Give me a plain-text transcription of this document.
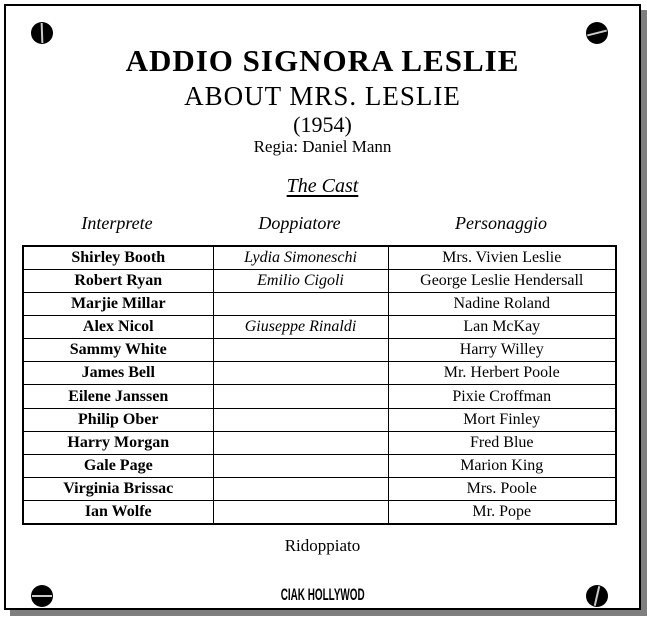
ADDIO SIGNORA LESLIE
ABOUT MRS. LESLIE
(1954)
Regia: Daniel Mann
The Cast
Interprete	Doppiatore	Personaggio
Shirley Booth	Lydia Simoneschi	Mrs. Vivien Leslie
Robert Ryan	Emilio Cigoli	George Leslie Hendersall
Marjie Millar		Nadine Roland
Alex Nicol	Giuseppe Rinaldi	Lan McKay
Sammy White		Harry Willey
James Bell		Mr. Herbert Poole
Eilene Janssen		Pixie Croffman
Philip Ober		Mort Finley
Harry Morgan		Fred Blue
Gale Page		Marion King
Virginia Brissac		Mrs. Poole
Ian Wolfe		Mr. Pope
Ridoppiato
CIAK HOLLYWOD
